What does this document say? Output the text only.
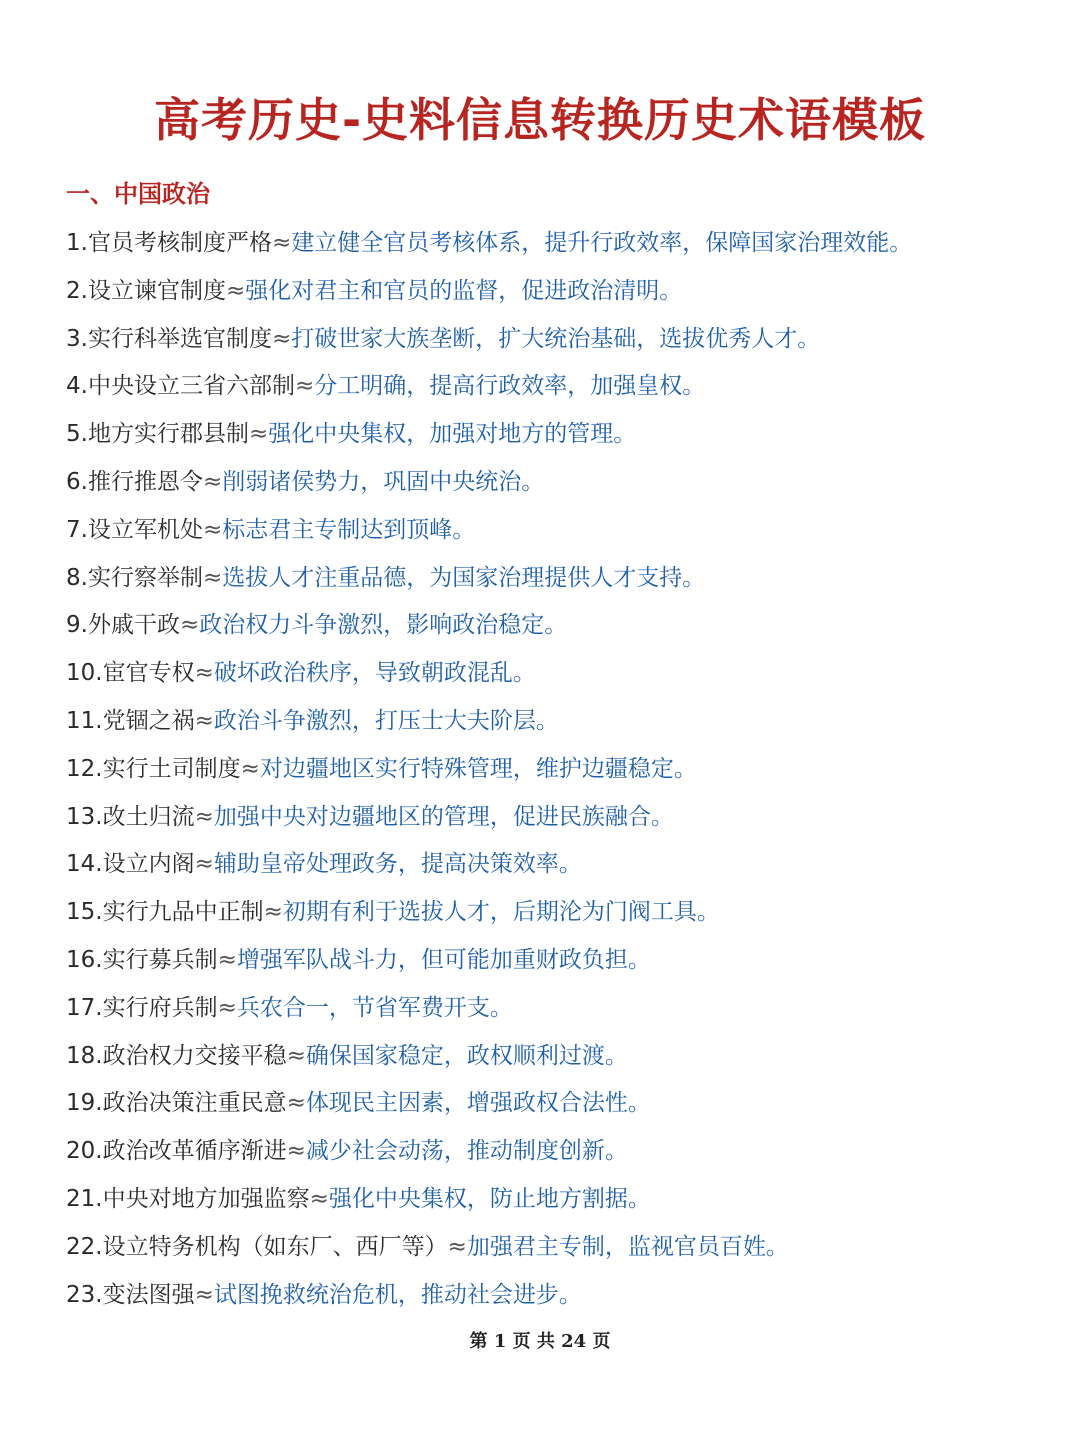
高考历史-史料信息转换历史术语模板
一、中国政治
1.官员考核制度严格≈建立健全官员考核体系，提升行政效率，保障国家治理效能。
2.设立谏官制度≈强化对君主和官员的监督，促进政治清明。
3.实行科举选官制度≈打破世家大族垄断，扩大统治基础，选拔优秀人才。
4.中央设立三省六部制≈分工明确，提高行政效率，加强皇权。
5.地方实行郡县制≈强化中央集权，加强对地方的管理。
6.推行推恩令≈削弱诸侯势力，巩固中央统治。
7.设立军机处≈标志君主专制达到顶峰。
8.实行察举制≈选拔人才注重品德，为国家治理提供人才支持。
9.外戚干政≈政治权力斗争激烈，影响政治稳定。
10.宦官专权≈破坏政治秩序，导致朝政混乱。
11.党锢之祸≈政治斗争激烈，打压士大夫阶层。
12.实行土司制度≈对边疆地区实行特殊管理，维护边疆稳定。
13.改土归流≈加强中央对边疆地区的管理，促进民族融合。
14.设立内阁≈辅助皇帝处理政务，提高决策效率。
15.实行九品中正制≈初期有利于选拔人才，后期沦为门阀工具。
16.实行募兵制≈增强军队战斗力，但可能加重财政负担。
17.实行府兵制≈兵农合一，节省军费开支。
18.政治权力交接平稳≈确保国家稳定，政权顺利过渡。
19.政治决策注重民意≈体现民主因素，增强政权合法性。
20.政治改革循序渐进≈减少社会动荡，推动制度创新。
21.中央对地方加强监察≈强化中央集权，防止地方割据。
22.设立特务机构（如东厂、西厂等）≈加强君主专制，监视官员百姓。
23.变法图强≈试图挽救统治危机，推动社会进步。
第 1 页 共 24 页
